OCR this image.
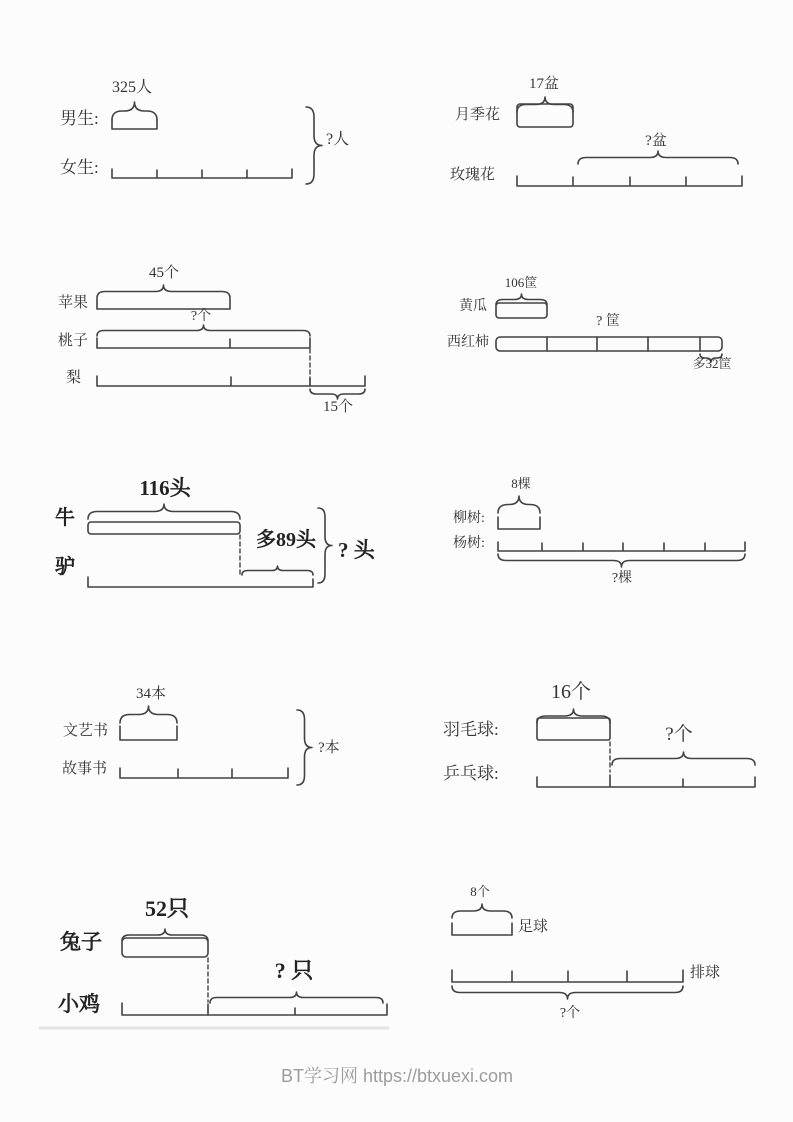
325人
男生:
女生:
?人
17盆
月季花
?盆
玫瑰花
45个
苹果
?个
桃子
梨
15个
106筐
黄瓜
? 筐
西红柿
多32筐
116头
牛
多89头
驴
? 头
8棵
柳树:
杨树:
?棵
34本
文艺书
故事书
?本
16个
羽毛球:	?个
乒乓球:
52只
兔子
? 只
小鸡
8个
足球
排球
?个
BT学习网 https://btxuexi.com
